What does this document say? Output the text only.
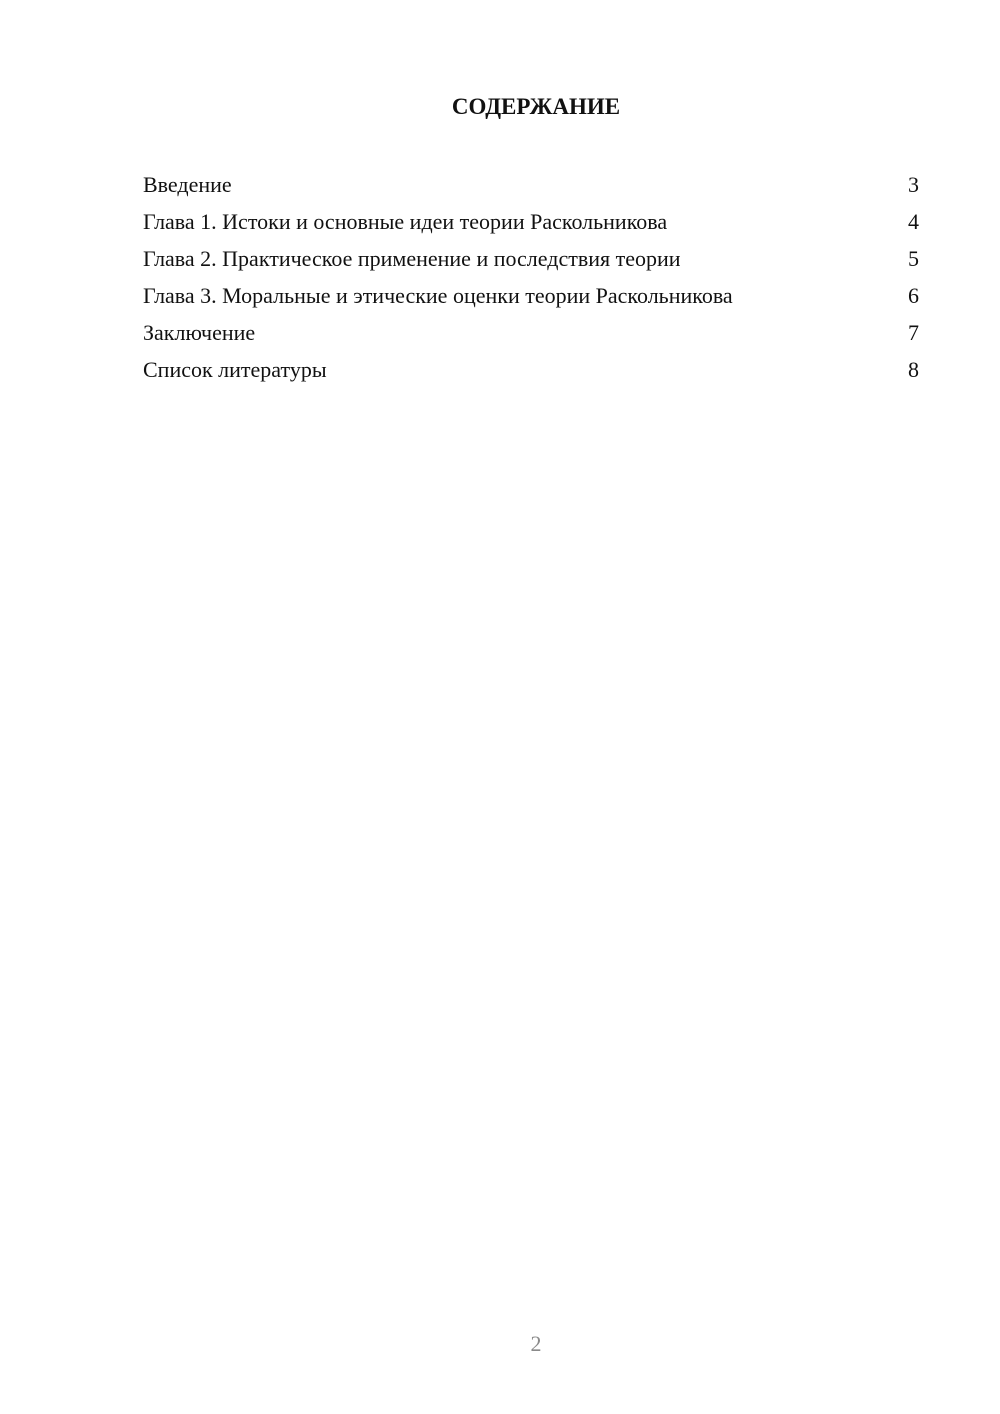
СОДЕРЖАНИЕ
Введение	3
Глава 1. Истоки и основные идеи теории Раскольникова	4
Глава 2. Практическое применение и последствия теории	5
Глава 3. Моральные и этические оценки теории Раскольникова	6
Заключение	7
Список литературы	8
2
